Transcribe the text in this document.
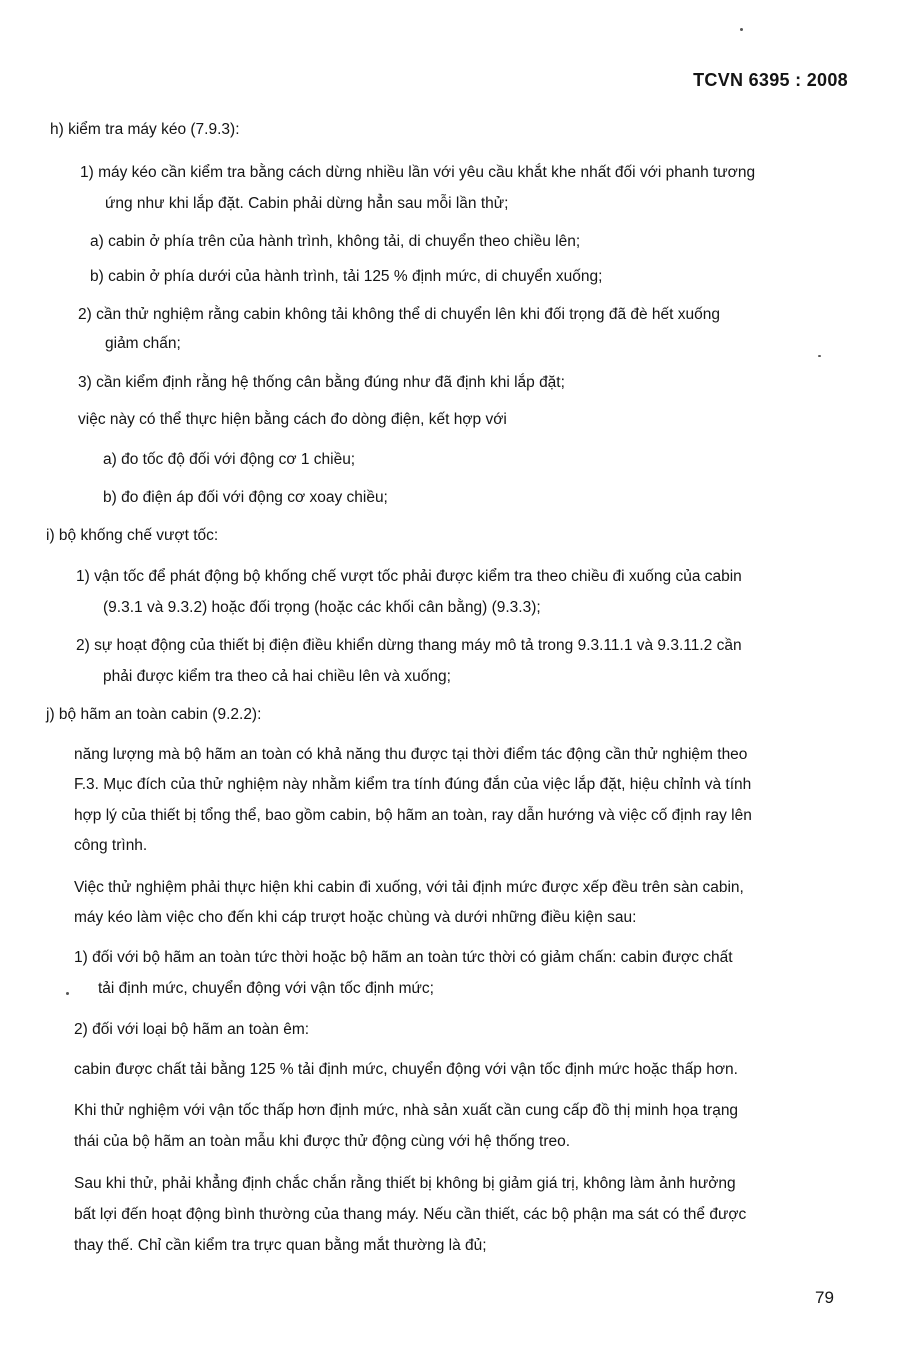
TCVN 6395 : 2008
h) kiểm tra máy kéo (7.9.3):
1) máy kéo cần kiểm tra bằng cách dừng nhiều lần với yêu cầu khắt khe nhất đối với phanh tương
ứng như khi lắp đặt. Cabin phải dừng hẳn sau mỗi lần thử;
a) cabin ở phía trên của hành trình, không tải, di chuyển theo chiều lên;
b) cabin ở phía dưới của hành trình, tải 125 % định mức, di chuyển xuống;
2) cần thử nghiệm rằng cabin không tải không thể di chuyển lên khi đối trọng đã đè hết xuống
giảm chấn;
3) cần kiểm định rằng hệ thống cân bằng đúng như đã định khi lắp đặt;
việc này có thể thực hiện bằng cách đo dòng điện, kết hợp với
a) đo tốc độ đối với động cơ 1 chiều;
b) đo điện áp đối với động cơ xoay chiều;
i) bộ khống chế vượt tốc:
1) vận tốc để phát động bộ khống chế vượt tốc phải được kiểm tra theo chiều đi xuống của cabin
(9.3.1 và 9.3.2) hoặc đối trọng (hoặc các khối cân bằng) (9.3.3);
2) sự hoạt động của thiết bị điện điều khiển dừng thang máy mô tả trong 9.3.11.1 và 9.3.11.2 cần
phải được kiểm tra theo cả hai chiều lên và xuống;
j) bộ hãm an toàn cabin (9.2.2):
năng lượng mà bộ hãm an toàn có khả năng thu được tại thời điểm tác động cần thử nghiệm theo
F.3. Mục đích của thử nghiệm này nhằm kiểm tra tính đúng đắn của việc lắp đặt, hiệu chỉnh và tính
hợp lý của thiết bị tổng thể, bao gồm cabin, bộ hãm an toàn, ray dẫn hướng và việc cố định ray lên
công trình.
Việc thử nghiệm phải thực hiện khi cabin đi xuống, với tải định mức được xếp đều trên sàn cabin,
máy kéo làm việc cho đến khi cáp trượt hoặc chùng và dưới những điều kiện sau:
1) đối với bộ hãm an toàn tức thời hoặc bộ hãm an toàn tức thời có giảm chấn: cabin được chất
tải định mức, chuyển động với vận tốc định mức;
2) đối với loại bộ hãm an toàn êm:
cabin được chất tải bằng 125 % tải định mức, chuyển động với vận tốc định mức hoặc thấp hơn.
Khi thử nghiệm với vận tốc thấp hơn định mức, nhà sản xuất cần cung cấp đồ thị minh họa trạng
thái của bộ hãm an toàn mẫu khi được thử động cùng với hệ thống treo.
Sau khi thử, phải khẳng định chắc chắn rằng thiết bị không bị giảm giá trị, không làm ảnh hưởng
bất lợi đến hoạt động bình thường của thang máy. Nếu cần thiết, các bộ phận ma sát có thể được
thay thế. Chỉ cần kiểm tra trực quan bằng mắt thường là đủ;
79
